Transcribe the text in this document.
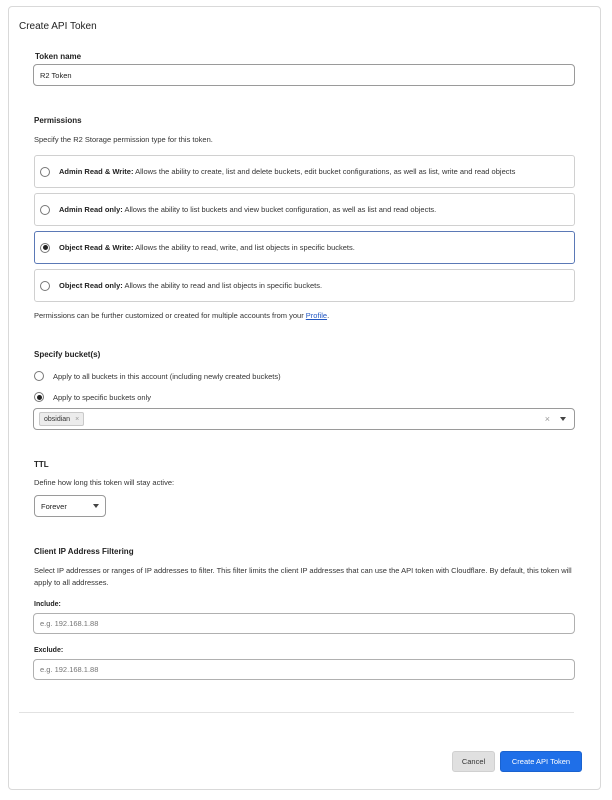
Create API Token
Token name
R2 Token
Permissions
Specify the R2 Storage permission type for this token.
Admin Read & Write: Allows the ability to create, list and delete buckets, edit bucket configurations, as well as list, write and read objects
Admin Read only: Allows the ability to list buckets and view bucket configuration, as well as list and read objects.
Object Read & Write: Allows the ability to read, write, and list objects in specific buckets.
Object Read only: Allows the ability to read and list objects in specific buckets.
Permissions can be further customized or created for multiple accounts from your Profile.
Specify bucket(s)
Apply to all buckets in this account (including newly created buckets)
Apply to specific buckets only
obsidian ×	×
TTL
Define how long this token will stay active:
Forever
Client IP Address Filtering
Select IP addresses or ranges of IP addresses to filter. This filter limits the client IP addresses that can use the API token with Cloudflare. By default, this token will apply to all addresses.
Include:
e.g. 192.168.1.88
Exclude:
e.g. 192.168.1.88
Cancel	Create API Token
